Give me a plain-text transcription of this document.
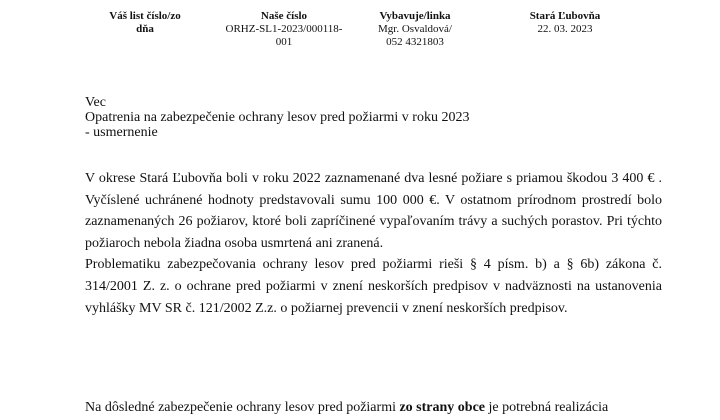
Váš list číslo/zo dňa
Naše číslo
ORHZ-SL1-2023/000118-
001
Vybavuje/linka
Mgr. Osvaldová/
052 4321803
Stará Ľubovňa
22. 03. 2023
Vec
Opatrenia na zabezpečenie ochrany lesov pred požiarmi v roku 2023
- usmernenie

V okrese Stará Ľubovňa boli v roku 2022 zaznamenané dva lesné požiare s priamou škodou 3 400 € . Vyčíslené uchránené hodnoty predstavovali sumu 100 000 €. V ostatnom prírodnom prostredí bolo zaznamenaných 26 požiarov, ktoré boli zapríčinené vypaľovaním trávy a suchých porastov. Pri týchto požiaroch nebola žiadna osoba usmrtená ani zranená.

Problematiku zabezpečovania ochrany lesov pred požiarmi rieši § 4 písm. b) a § 6b) zákona č. 314/2001 Z. z. o ochrane pred požiarmi v znení neskorších predpisov v nadväznosti na ustanovenia vyhlášky MV SR č. 121/2002 Z.z. o požiarnej prevencii v znení neskorších predpisov.

Na dôsledné zabezpečenie ochrany lesov pred požiarmi zo strany obce je potrebná realizácia
